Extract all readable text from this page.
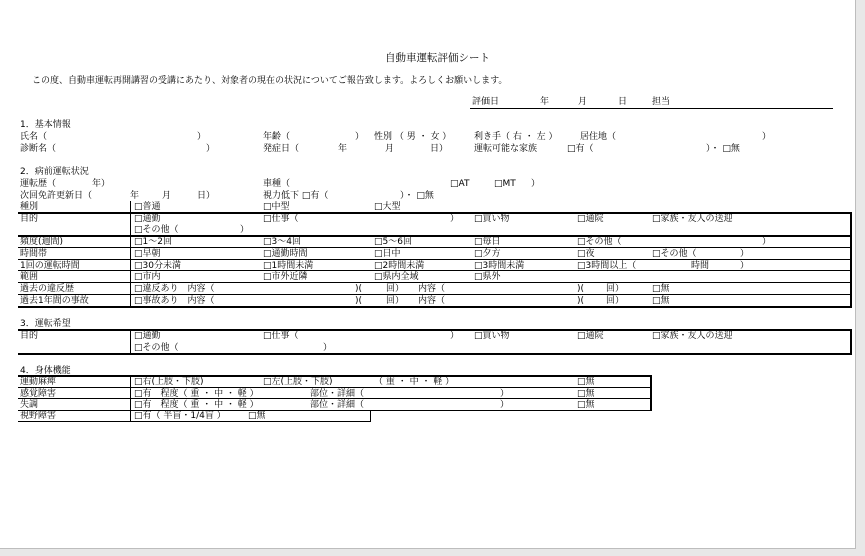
自動車運転評価シート
この度、自動車運転再開講習の受講にあたり、対象者の現在の状況についてご報告致します。よろしくお願いします。
評価日	年	月	日	担当
1．基本情報
氏名（	）	年齢（	） 性別 （ 男 ・ 女 ）	利き手（ 右 ・ 左 ）	居住地（	）
診断名（	）	発症日（	年	月	日）	運転可能な家族	□有（	）・ □無
2．病前運転状況
運転歴（	年）	車種（	）
□AT	□MT
次回免許更新日（	年	月	日）	視力低下 □有（	）・ □無
種別	□普通	□中型	□大型
目的	□通勤	□仕事（	） □買い物	□通院	□家族・友人の送迎
□その他（	）
頻度(週間)	□1～2回	□3～4回	□5～6回	□毎日	□その他（	）
時間帯	□早朝	□通勤時間	□日中	□夕方	□夜	□その他（	）
1回の運転時間	□30分未満	□1時間未満	□2時間未満	□3時間未満	□3時間以上（	時間	）
範囲	□市内	□市外近隣	□県内全域	□県外
過去の違反歴	□違反あり　内容（	)(	回） 内容（	)( 回）	□無
過去1年間の事故	□事故あり　内容（	)(	回） 内容（	)( 回）	□無
3．運転希望
目的	□通勤	□仕事（	） □買い物	□通院	□家族・友人の送迎
□その他（	）
4．身体機能
運動麻痺	□右(上肢・下肢)	□左(上肢・下肢)	（ 重 ・ 中 ・ 軽 ）	□無
感覚障害	□有　程度（ 重 ・ 中 ・ 軽 ）	部位・詳細（	）	□無
失調	□有　程度（ 重 ・ 中 ・ 軽 ）	部位・詳細（	）	□無
視野障害	□有（ 半盲・1/4盲 ） □無
